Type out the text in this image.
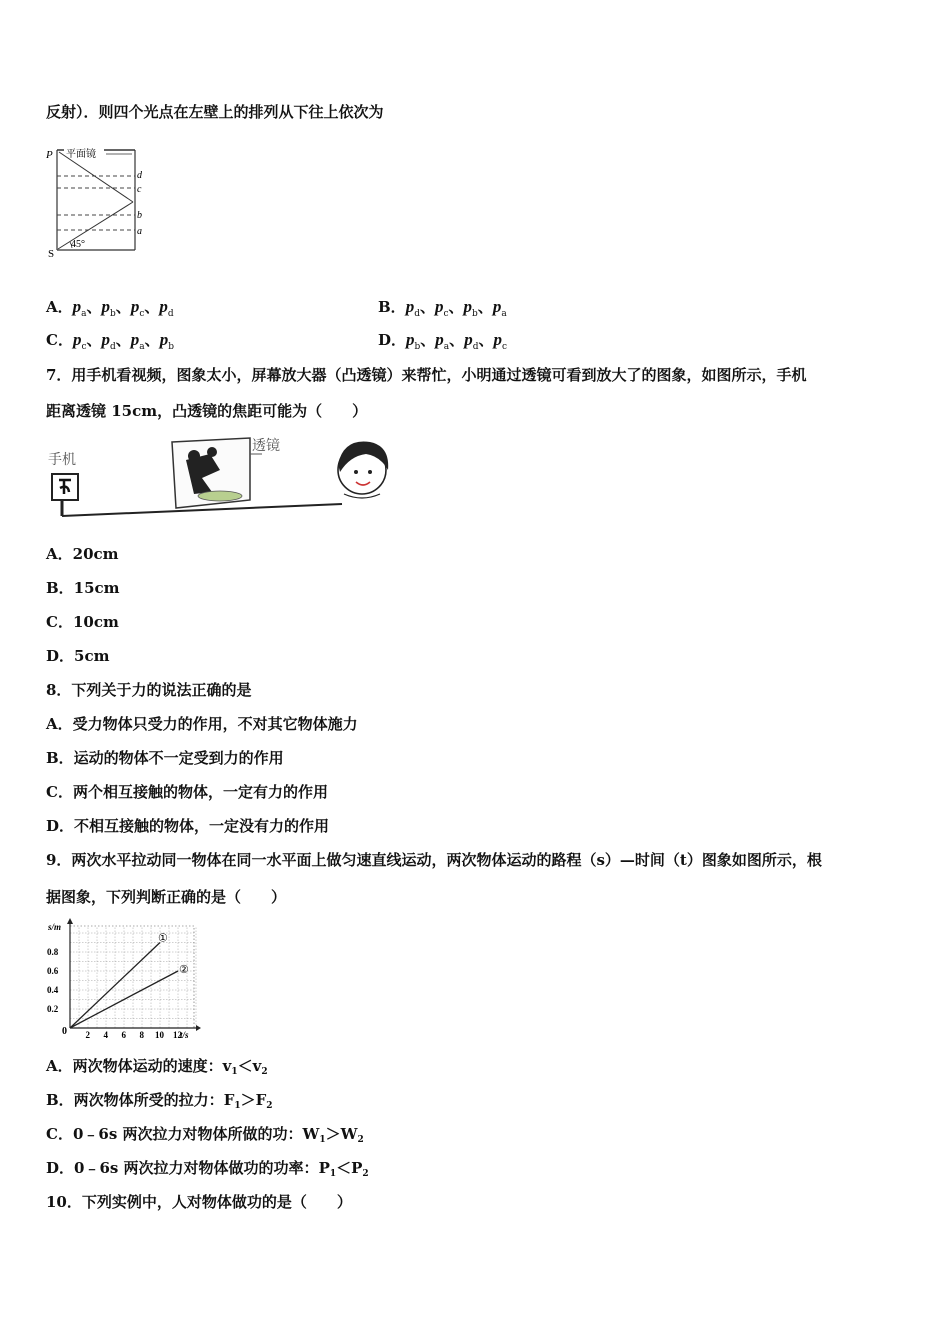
反射）．则四个光点在左壁上的排列从下往上依次为
P 平面镜
d
c
b
a
45°
S
A．$p_a$、$p_b$、$p_c$、$p_d$	B．$p_d$、$p_c$、$p_b$、$p_a$
C．$p_c$、$p_d$、$p_a$、$p_b$	D．$p_b$、$p_a$、$p_d$、$p_c$
7．用手机看视频，图象太小，屏幕放大器（凸透镜）来帮忙，小明通过透镜可看到放大了的图象，如图所示，手机
距离透镜 15cm，凸透镜的焦距可能为（　　）
手机
透镜
A．20cm
B．15cm
C．10cm
D．5cm
8．下列关于力的说法正确的是
A．受力物体只受力的作用，不对其它物体施力
B．运动的物体不一定受到力的作用
C．两个相互接触的物体，一定有力的作用
D．不相互接触的物体，一定没有力的作用
9．两次水平拉动同一物体在同一水平面上做匀速直线运动，两次物体运动的路程（s）—时间（t）图象如图所示，根
据图象，下列判断正确的是（　　）
s/m
t/s
0 2 4 6 8 10 12
0.2
0.4
0.6
0.8
①
②
A．两次物体运动的速度：$v_1<v_2$
B．两次物体所受的拉力：$F_1>F_2$
C．0﹣6s 两次拉力对物体所做的功：$W_1>W_2$
D．0﹣6s 两次拉力对物体做功的功率：$P_1<P_2$
10．下列实例中，人对物体做功的是（　　）
